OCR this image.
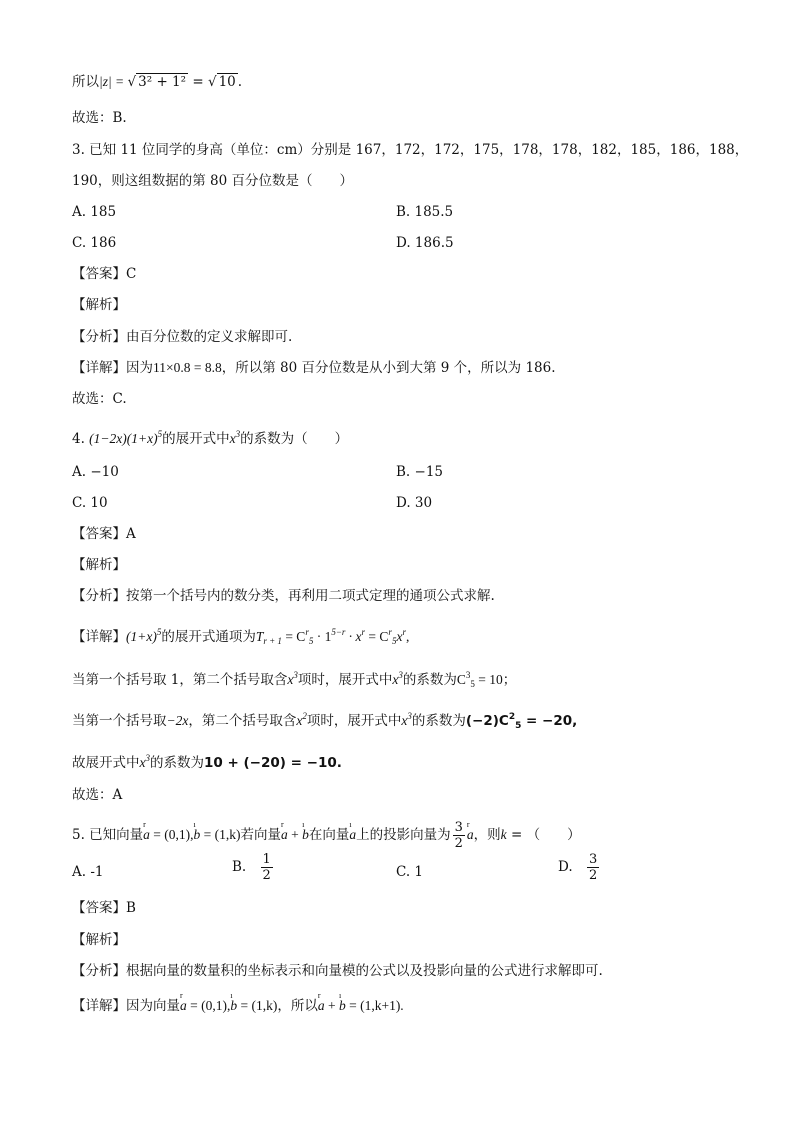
所以|z| = √ 3² + 1² = √ 10 .
故选：B.
3. 已知 11 位同学的身高（单位：cm）分别是 167，172，172，175，178，178，182，185，186，188，
190，则这组数据的第 80 百分位数是（　　）
A. 185	B. 185.5
C. 186	D. 186.5
【答案】C
【解析】
【分析】由百分位数的定义求解即可.
【详解】因为11×0.8 = 8.8，所以第 80 百分位数是从小到大第 9 个，所以为 186.
故选：C.
4. $(1-2x)(1+x)^5$的展开式中$x^3$的系数为（　　）
A. −10	B. −15
C. 10	D. 30
【答案】A
【解析】
【分析】按第一个括号内的数分类，再利用二项式定理的通项公式求解.
【详解】$(1+x)^5$的展开式通项为$T_{r + 1} = C^r_5 \cdot 1^{5-r} \cdot x^r = C^r_5x^r$,
当第一个括号取 1，第二个括号取含$x^3$项时，展开式中$x^3$的系数为$C^3_5 = 10$；
当第一个括号取−2x，第二个括号取含$x^2$项时，展开式中$x^3$的系数为$(-2)C^2_5 = -20$,
故展开式中$x^3$的系数为10 + (−20) = −10.
故选：A
5. 已知向量r a = (0,1),ı b = (1,k)若向量r a + ı b在向量ı a上的投影向量为 $\frac{3}{2}$
r a，则k = （　　）
A. -1	B. $\frac{1}{2}$	C. 1	D. $\frac{3}{2}$
【答案】B
【解析】
【分析】根据向量的数量积的坐标表示和向量模的公式以及投影向量的公式进行求解即可.
【详解】因为向量r a = (0,1),ı b = (1,k)，所以r a + ı b = (1,k+1).
